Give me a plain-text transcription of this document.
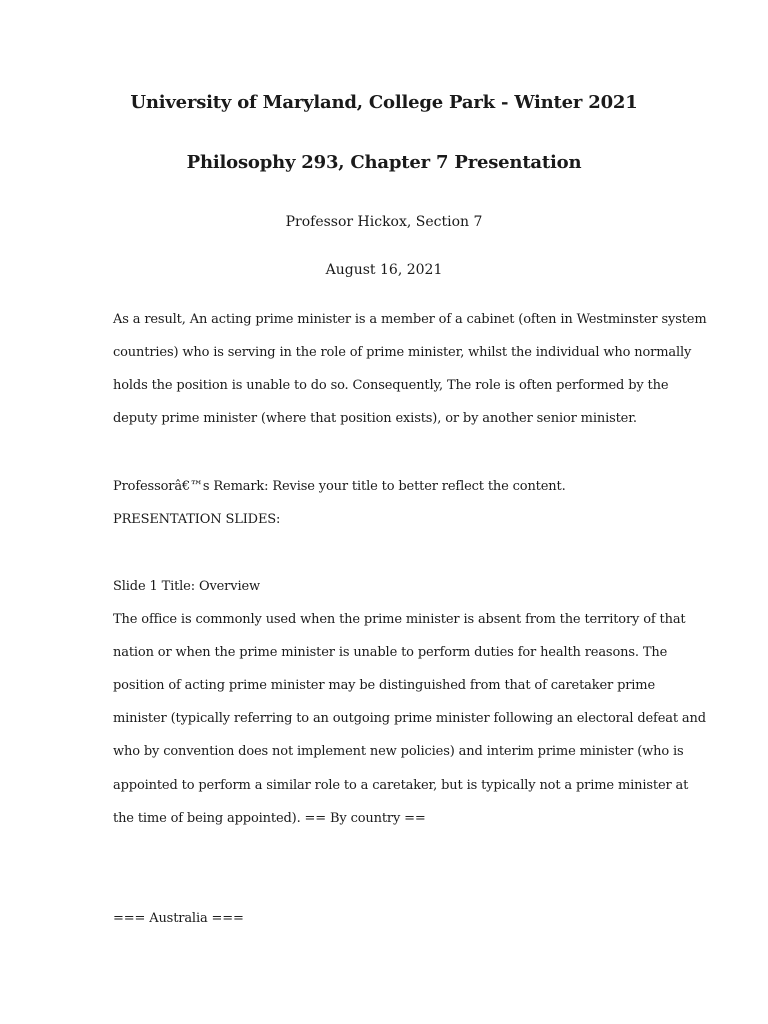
University of Maryland, College Park - Winter 2021
Philosophy 293, Chapter 7 Presentation
Professor Hickox, Section 7
August 16, 2021
As a result, An acting prime minister is a member of a cabinet (often in Westminster system
countries) who is serving in the role of prime minister, whilst the individual who normally
holds the position is unable to do so. Consequently, The role is often performed by the
deputy prime minister (where that position exists), or by another senior minister.
Professorâ€™s Remark: Revise your title to better reflect the content.
PRESENTATION SLIDES:
Slide 1 Title: Overview
The office is commonly used when the prime minister is absent from the territory of that
nation or when the prime minister is unable to perform duties for health reasons. The
position of acting prime minister may be distinguished from that of caretaker prime
minister (typically referring to an outgoing prime minister following an electoral defeat and
who by convention does not implement new policies) and interim prime minister (who is
appointed to perform a similar role to a caretaker, but is typically not a prime minister at
the time of being appointed). == By country ==
=== Australia ===
